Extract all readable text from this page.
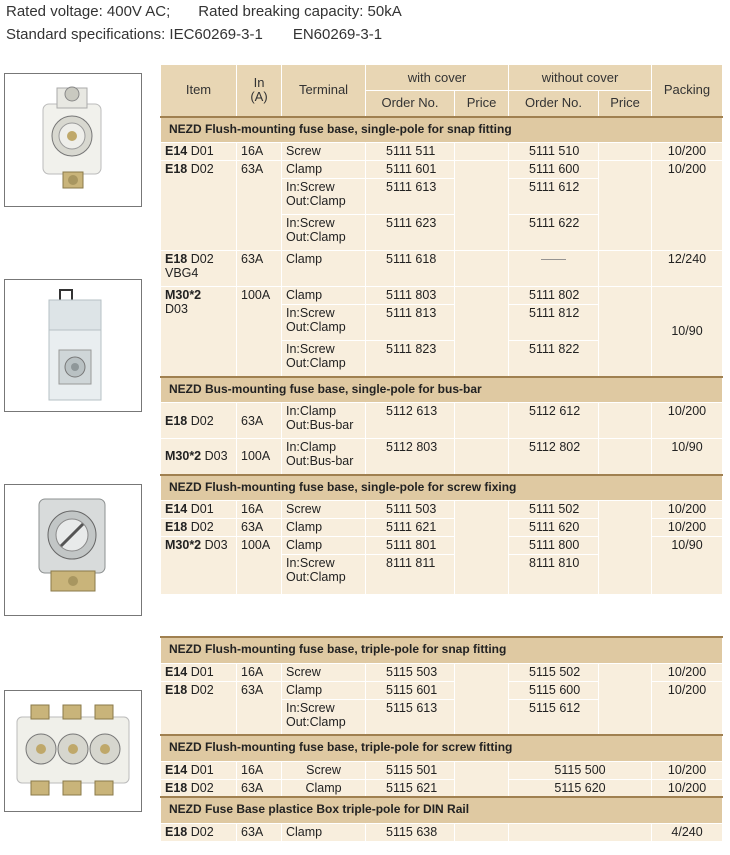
Rated voltage: 400V AC; Rated breaking capacity: 50kA
Standard specifications: IEC60269-3-1 EN60269-3-1
Item	In
(A)	Terminal	with cover		without cover		Packing
			Order No.	Price	Order No.	Price	
NEZD Flush-mounting fuse base, single-pole for snap fitting							
E14 D01	16A	Screw	5111 511		5111 510		10/200
E18 D02	63A	Clamp	5111 601		5111 600		10/200
		In:Screw
Out:Clamp	5111 613		5111 612		
		In:Screw
Out:Clamp	5111 623		5111 622		
E18 D02
VBG4	63A	Clamp	5111 618		——		12/240
M30*2
D03	100A	Clamp	5111 803		5111 802		10/90
		In:Screw
Out:Clamp	5111 813		5111 812		
		In:Screw
Out:Clamp	5111 823		5111 822		
NEZD Bus-mounting fuse base, single-pole for bus-bar							
E18 D02	63A	In:Clamp
Out:Bus-bar	5112 613		5112 612		10/200
M30*2 D03	100A	In:Clamp
Out:Bus-bar	5112 803		5112 802		10/90
NEZD Flush-mounting fuse base, single-pole for screw fixing							
E14 D01	16A	Screw	5111 503		5111 502		10/200
E18 D02	63A	Clamp	5111 621		5111 620		10/200
M30*2 D03	100A	Clamp	5111 801		5111 800		10/90
		In:Screw
Out:Clamp	8111 811		8111 810		
NEZD Flush-mounting fuse base, triple-pole for snap fitting							
E14 D01	16A	Screw	5115 503		5115 502		10/200
E18 D02	63A	Clamp	5115 601		5115 600		10/200
		In:Screw
Out:Clamp	5115 613		5115 612		
NEZD Flush-mounting fuse base, triple-pole for screw fitting							
E14 D01	16A	Screw	5115 501		5115 500		10/200
E18 D02	63A	Clamp	5115 621		5115 620		10/200
NEZD Fuse Base plastice Box triple-pole for DIN Rail							
E18 D02	63A	Clamp	5115 638				4/240
